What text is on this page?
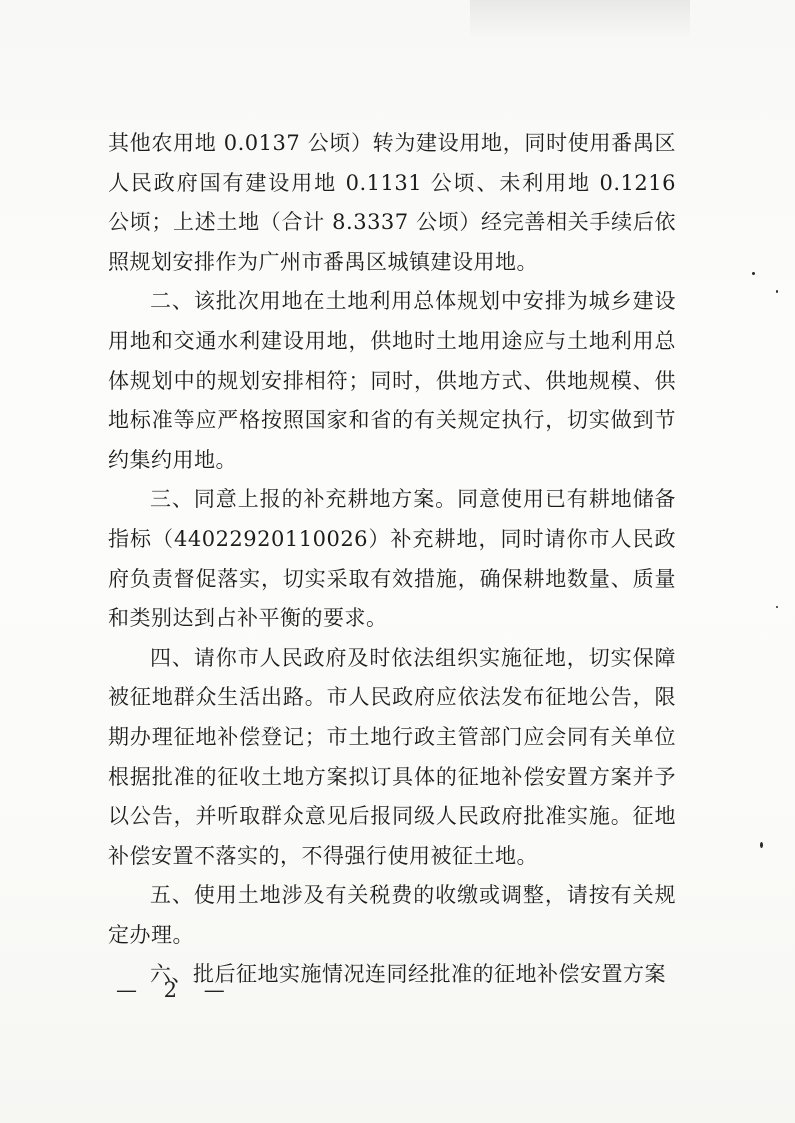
其他农用地 0.0137 公顷）转为建设用地，同时使用番禺区人民政府国有建设用地 0.1131 公顷、未利用地 0.1216 公顷；上述土地（合计 8.3337 公顷）经完善相关手续后依照规划安排作为广州市番禺区城镇建设用地。

二、该批次用地在土地利用总体规划中安排为城乡建设用地和交通水利建设用地，供地时土地用途应与土地利用总体规划中的规划安排相符；同时，供地方式、供地规模、供地标准等应严格按照国家和省的有关规定执行，切实做到节约集约用地。

三、同意上报的补充耕地方案。同意使用已有耕地储备指标（44022920110026）补充耕地，同时请你市人民政府负责督促落实，切实采取有效措施，确保耕地数量、质量和类别达到占补平衡的要求。

四、请你市人民政府及时依法组织实施征地，切实保障被征地群众生活出路。市人民政府应依法发布征地公告，限期办理征地补偿登记；市土地行政主管部门应会同有关单位根据批准的征收土地方案拟订具体的征地补偿安置方案并予以公告，并听取群众意见后报同级人民政府批准实施。征地补偿安置不落实的，不得强行使用被征土地。

五、使用土地涉及有关税费的收缴或调整，请按有关规定办理。

六、批后征地实施情况连同经批准的征地补偿安置方案

— 2 —
